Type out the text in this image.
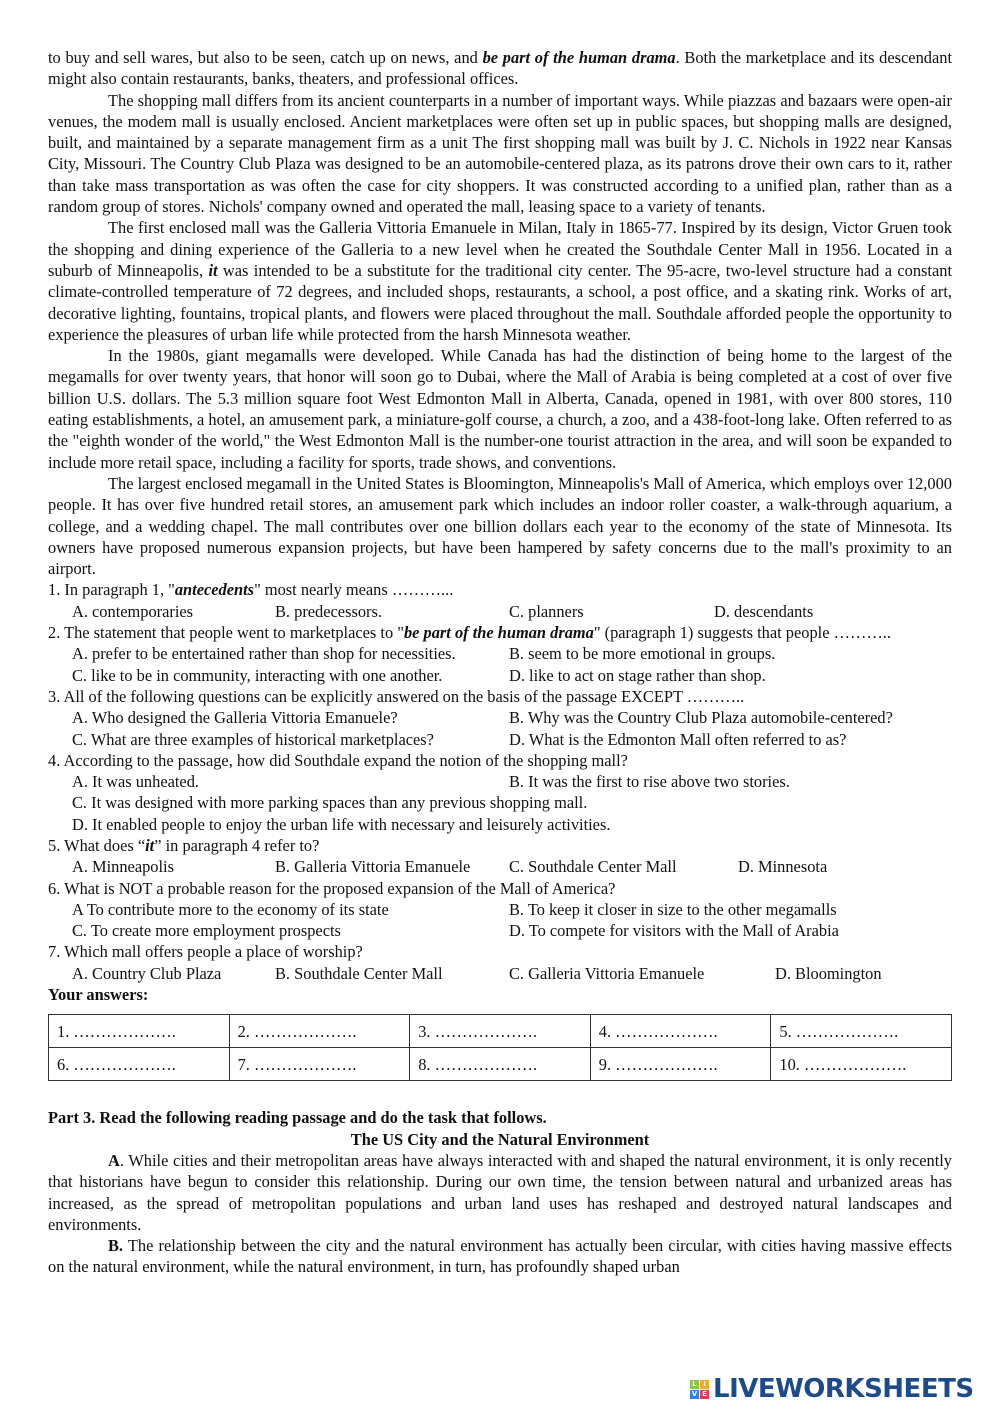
to buy and sell wares, but also to be seen, catch up on news, and be part of the human drama. Both the marketplace and its descendant might also contain restaurants, banks, theaters, and professional offices.

The shopping mall differs from its ancient counterparts in a number of important ways. While piazzas and bazaars were open-air venues, the modem mall is usually enclosed. Ancient marketplaces were often set up in public spaces, but shopping malls are designed, built, and maintained by a separate management firm as a unit The first shopping mall was built by J. C. Nichols in 1922 near Kansas City, Missouri. The Country Club Plaza was designed to be an automobile-centered plaza, as its patrons drove their own cars to it, rather than take mass transportation as was often the case for city shoppers. It was constructed according to a unified plan, rather than as a random group of stores. Nichols' company owned and operated the mall, leasing space to a variety of tenants.

The first enclosed mall was the Galleria Vittoria Emanuele in Milan, Italy in 1865-77. Inspired by its design, Victor Gruen took the shopping and dining experience of the Galleria to a new level when he created the Southdale Center Mall in 1956. Located in a suburb of Minneapolis, it was intended to be a substitute for the traditional city center. The 95-acre, two-level structure had a constant climate-controlled temperature of 72 degrees, and included shops, restaurants, a school, a post office, and a skating rink. Works of art, decorative lighting, fountains, tropical plants, and flowers were placed throughout the mall. Southdale afforded people the opportunity to experience the pleasures of urban life while protected from the harsh Minnesota weather.

In the 1980s, giant megamalls were developed. While Canada has had the distinction of being home to the largest of the megamalls for over twenty years, that honor will soon go to Dubai, where the Mall of Arabia is being completed at a cost of over five billion U.S. dollars. The 5.3 million square foot West Edmonton Mall in Alberta, Canada, opened in 1981, with over 800 stores, 110 eating establishments, a hotel, an amusement park, a miniature-golf course, a church, a zoo, and a 438-foot-long lake. Often referred to as the "eighth wonder of the world," the West Edmonton Mall is the number-one tourist attraction in the area, and will soon be expanded to include more retail space, including a facility for sports, trade shows, and conventions.

The largest enclosed megamall in the United States is Bloomington, Minneapolis's Mall of America, which employs over 12,000 people. It has over five hundred retail stores, an amusement park which includes an indoor roller coaster, a walk-through aquarium, a college, and a wedding chapel. The mall contributes over one billion dollars each year to the economy of the state of Minnesota. Its owners have proposed numerous expansion projects, but have been hampered by safety concerns due to the mall's proximity to an airport.

1. In paragraph 1, "antecedents" most nearly means ………...

A. contemporaries	B. predecessors.	C. planners	D. descendants

2. The statement that people went to marketplaces to "be part of the human drama" (paragraph 1) suggests that people ………..

A. prefer to be entertained rather than shop for necessities.	B. seem to be more emotional in groups.
C. like to be in community, interacting with one another.	D. like to act on stage rather than shop.

3. All of the following questions can be explicitly answered on the basis of the passage EXCEPT ………..

A. Who designed the Galleria Vittoria Emanuele?	B. Why was the Country Club Plaza automobile-centered?
C. What are three examples of historical marketplaces?	D. What is the Edmonton Mall often referred to as?

4. According to the passage, how did Southdale expand the notion of the shopping mall?

A. It was unheated.	B. It was the first to rise above two stories.
C. It was designed with more parking spaces than any previous shopping mall.
D. It enabled people to enjoy the urban life with necessary and leisurely activities.

5. What does “it” in paragraph 4 refer to?

A. Minneapolis	B. Galleria Vittoria Emanuele C. Southdale Center Mall	D. Minnesota

6. What is NOT a probable reason for the proposed expansion of the Mall of America?

A To contribute more to the economy of its state	B. To keep it closer in size to the other megamalls
C. To create more employment prospects	D. To compete for visitors with the Mall of Arabia

7. Which mall offers people a place of worship?

A. Country Club Plaza	B. Southdale Center Mall	C. Galleria Vittoria Emanuele	D. Bloomington
Your answers:
1. ……………….	2. ……………….	3. ……………….	4. ……………….	5. ……………….
6. ……………….	7. ……………….	8. ……………….	9. ……………….	10. ……………….
Part 3. Read the following reading passage and do the task that follows.
The US City and the Natural Environment

A. While cities and their metropolitan areas have always interacted with and shaped the natural environment, it is only recently that historians have begun to consider this relationship. During our own time, the tension between natural and urbanized areas has increased, as the spread of metropolitan populations and urban land uses has reshaped and destroyed natural landscapes and environments.

B. The relationship between the city and the natural environment has actually been circular, with cities having massive effects on the natural environment, while the natural environment, in turn, has profoundly shaped urban

L I
V E LIVEWORKSHEETS
